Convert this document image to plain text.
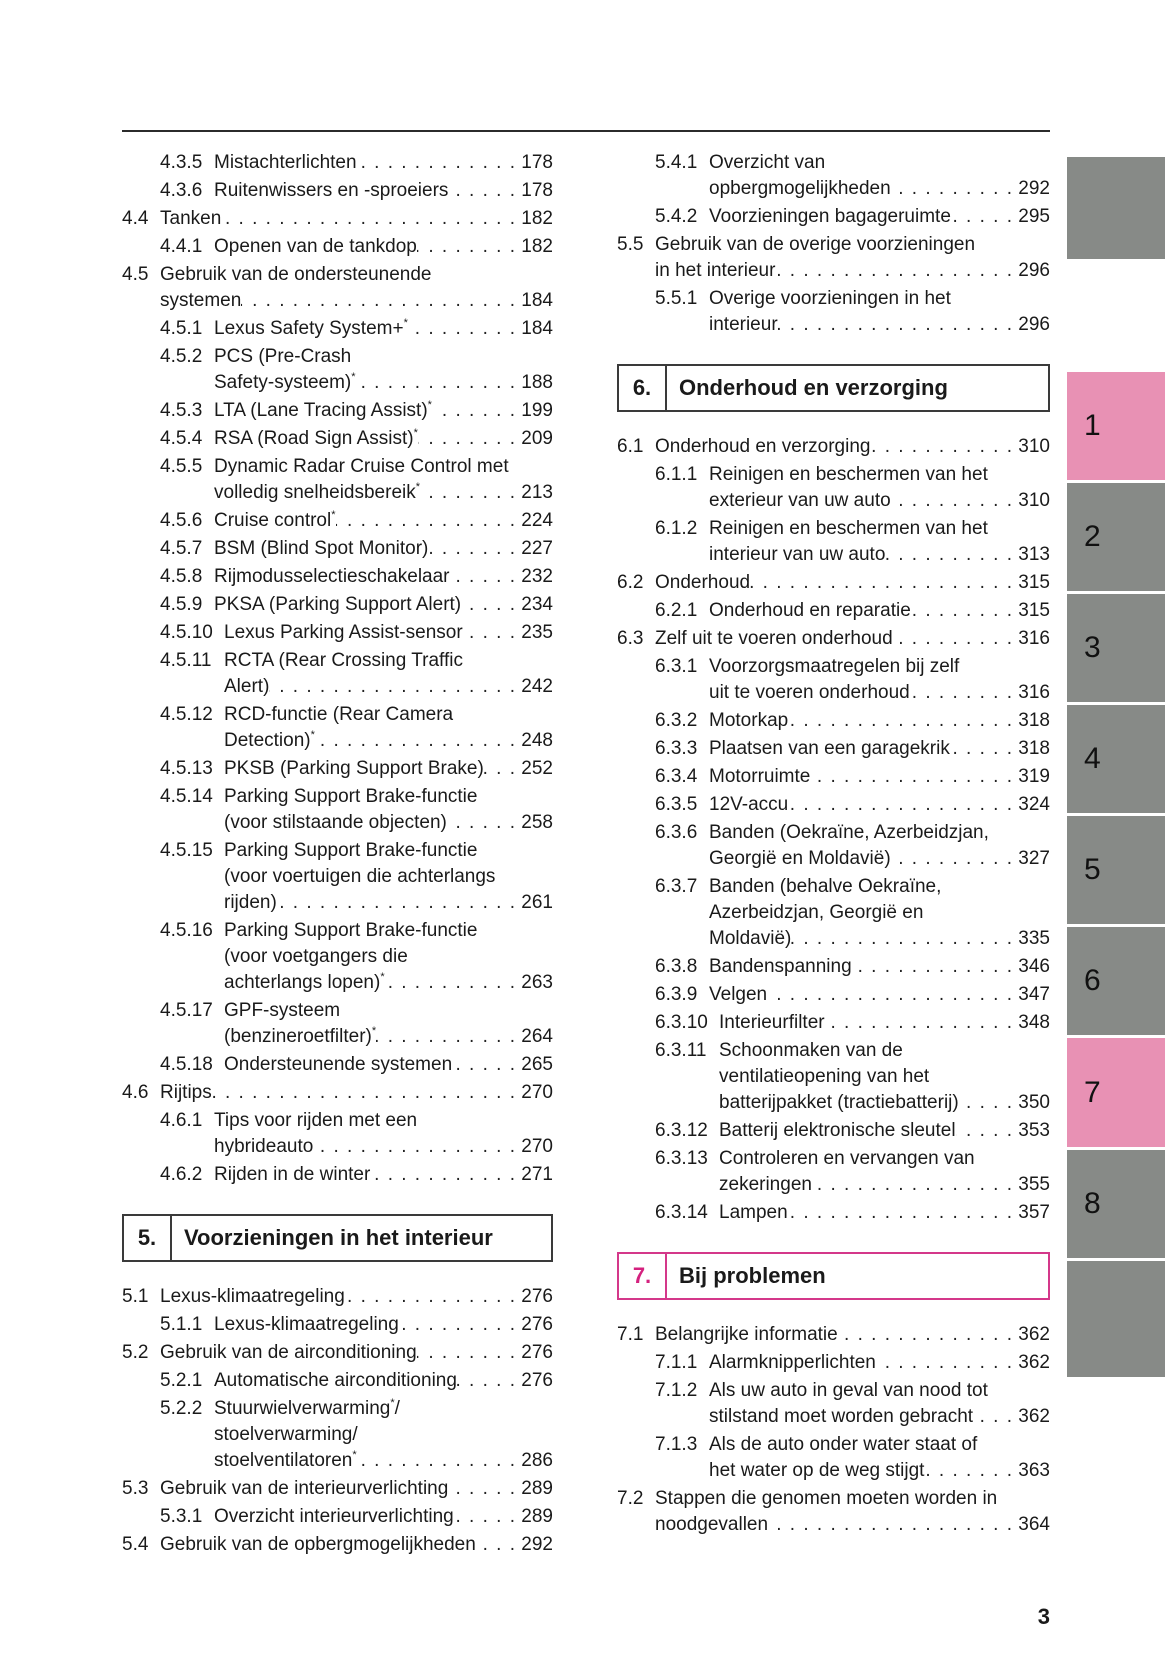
4.3.5 Mistachterlichten . . .	178
4.3.6 Ruitenwissers en -sproeiers . . .	178
4.4 Tanken . . .	182
4.4.1 Openen van de tankdop . . .	182
4.5 Gebruik van de ondersteunende
systemen . . .	184
4.5.1 Lexus Safety System+* . . .	184
4.5.2 PCS (Pre-Crash
Safety-systeem)* . . .	188
4.5.3 LTA (Lane Tracing Assist)* . . .	199
4.5.4 RSA (Road Sign Assist)* . . .	209
4.5.5 Dynamic Radar Cruise Control met
volledig snelheidsbereik* . . .	213
4.5.6 Cruise control* . . .	224
4.5.7 BSM (Blind Spot Monitor) . . .	227
4.5.8 Rijmodusselectieschakelaar . . .	232
4.5.9 PKSA (Parking Support Alert) . . .	234
4.5.10 Lexus Parking Assist-sensor . . .	235
4.5.11 RCTA (Rear Crossing Traffic
Alert) . . .	242
4.5.12 RCD-functie (Rear Camera
Detection)* . . .	248
4.5.13 PKSB (Parking Support Brake) . . . 252
4.5.14 Parking Support Brake-functie
(voor stilstaande objecten) . . .	258
4.5.15 Parking Support Brake-functie
(voor voertuigen die achterlangs
rijden) . . .	261
4.5.16 Parking Support Brake-functie
(voor voetgangers die
achterlangs lopen)* . . .	263
4.5.17 GPF-systeem
(benzineroetfilter)* . . .	264
4.5.18 Ondersteunende systemen . . .	265
4.6 Rijtips . . .	270
4.6.1 Tips voor rijden met een
hybrideauto . . .	270
4.6.2 Rijden in de winter . . .	271
5.	Voorzieningen in het interieur
5.1 Lexus-klimaatregeling . . .	276
5.1.1 Lexus-klimaatregeling . . .	276
5.2 Gebruik van de airconditioning . . .	276
5.2.1 Automatische airconditioning . . .	276
5.2.2 Stuurwielverwarming*/
stoelverwarming/
stoelventilatoren* . . .	286
5.3 Gebruik van de interieurverlichting . . .	289
5.3.1 Overzicht interieurverlichting . . .	289
5.4 Gebruik van de opbergmogelijkheden . . . 292
5.4.1 Overzicht van
opbergmogelijkheden . . .	292
5.4.2 Voorzieningen bagageruimte . . .	295
5.5 Gebruik van de overige voorzieningen
in het interieur . . .	296
5.5.1 Overige voorzieningen in het
interieur . . .	296
6.	Onderhoud en verzorging
6.1 Onderhoud en verzorging . . .	310
6.1.1 Reinigen en beschermen van het
exterieur van uw auto . . .	310
6.1.2 Reinigen en beschermen van het
interieur van uw auto . . .	313
6.2 Onderhoud . . .	315
6.2.1 Onderhoud en reparatie . . .	315
6.3 Zelf uit te voeren onderhoud . . .	316
6.3.1 Voorzorgsmaatregelen bij zelf
uit te voeren onderhoud . . .	316
6.3.2 Motorkap . . .	318
6.3.3 Plaatsen van een garagekrik . . .	318
6.3.4 Motorruimte . . .	319
6.3.5 12V-accu . . .	324
6.3.6 Banden (Oekraïne, Azerbeidzjan,
Georgië en Moldavië) . . .	327
6.3.7 Banden (behalve Oekraïne,
Azerbeidzjan, Georgië en
Moldavië) . . .	335
6.3.8 Bandenspanning . . .	346
6.3.9 Velgen . . .	347
6.3.10 Interieurfilter . . .	348
6.3.11 Schoonmaken van de
ventilatieopening van het
batterijpakket (tractiebatterij) . . .	350
6.3.12 Batterij elektronische sleutel . . .	353
6.3.13 Controleren en vervangen van
zekeringen . . .	355
6.3.14 Lampen . . .	357
7.	Bij problemen
7.1 Belangrijke informatie . . .	362
7.1.1 Alarmknipperlichten . . .	362
7.1.2 Als uw auto in geval van nood tot
stilstand moet worden gebracht . . . 362
7.1.3 Als de auto onder water staat of
het water op de weg stijgt . . .	363
7.2 Stappen die genomen moeten worden in
noodgevallen . . .	364
1
2
3
4
5
6
7
8
3
